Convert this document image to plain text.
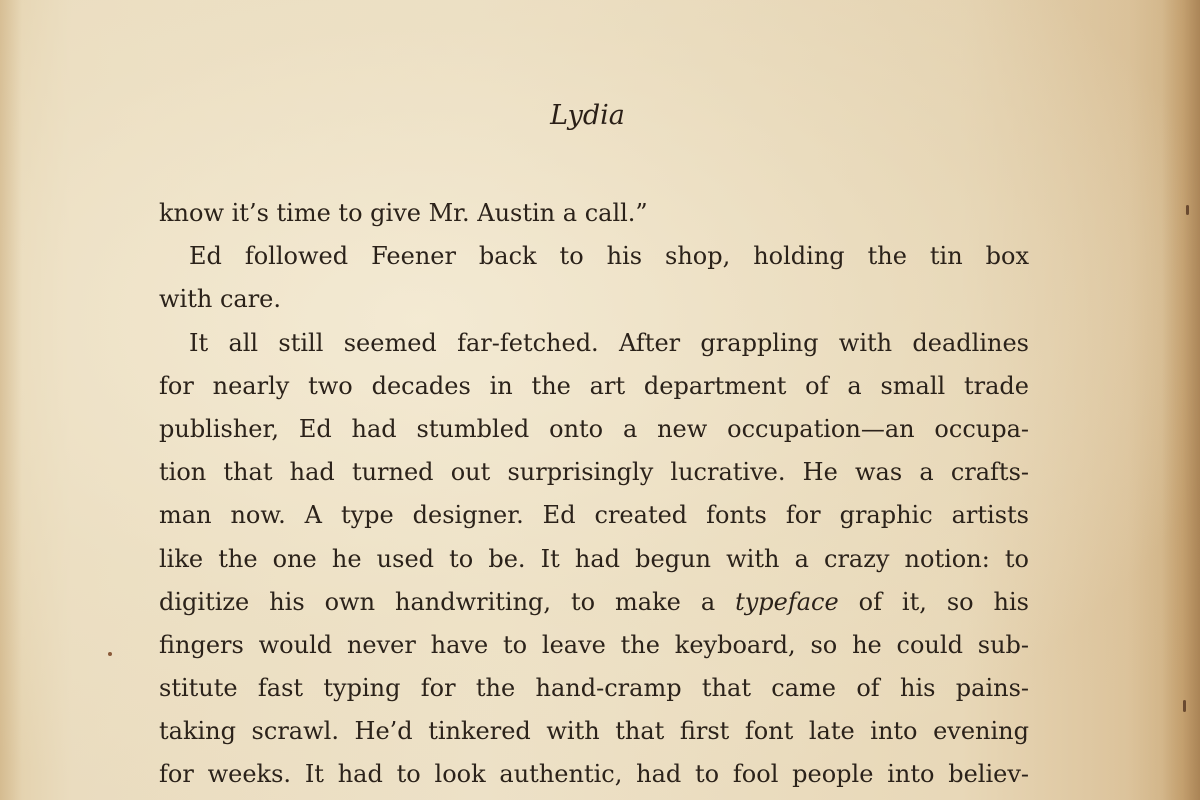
Lydia
know it’s time to give Mr. Austin a call.”
Ed followed Feener back to his shop, holding the tin box
with care.
It all still seemed far-fetched. After grappling with deadlines
for nearly two decades in the art department of a small trade
publisher, Ed had stumbled onto a new occupation—an occupa-
tion that had turned out surprisingly lucrative. He was a crafts-
man now. A type designer. Ed created fonts for graphic artists
like the one he used to be. It had begun with a crazy notion: to
digitize his own handwriting, to make a typeface of it, so his
fingers would never have to leave the keyboard, so he could sub-
stitute fast typing for the hand-cramp that came of his pains-
taking scrawl. He’d tinkered with that first font late into evening
for weeks. It had to look authentic, had to fool people into believ-
